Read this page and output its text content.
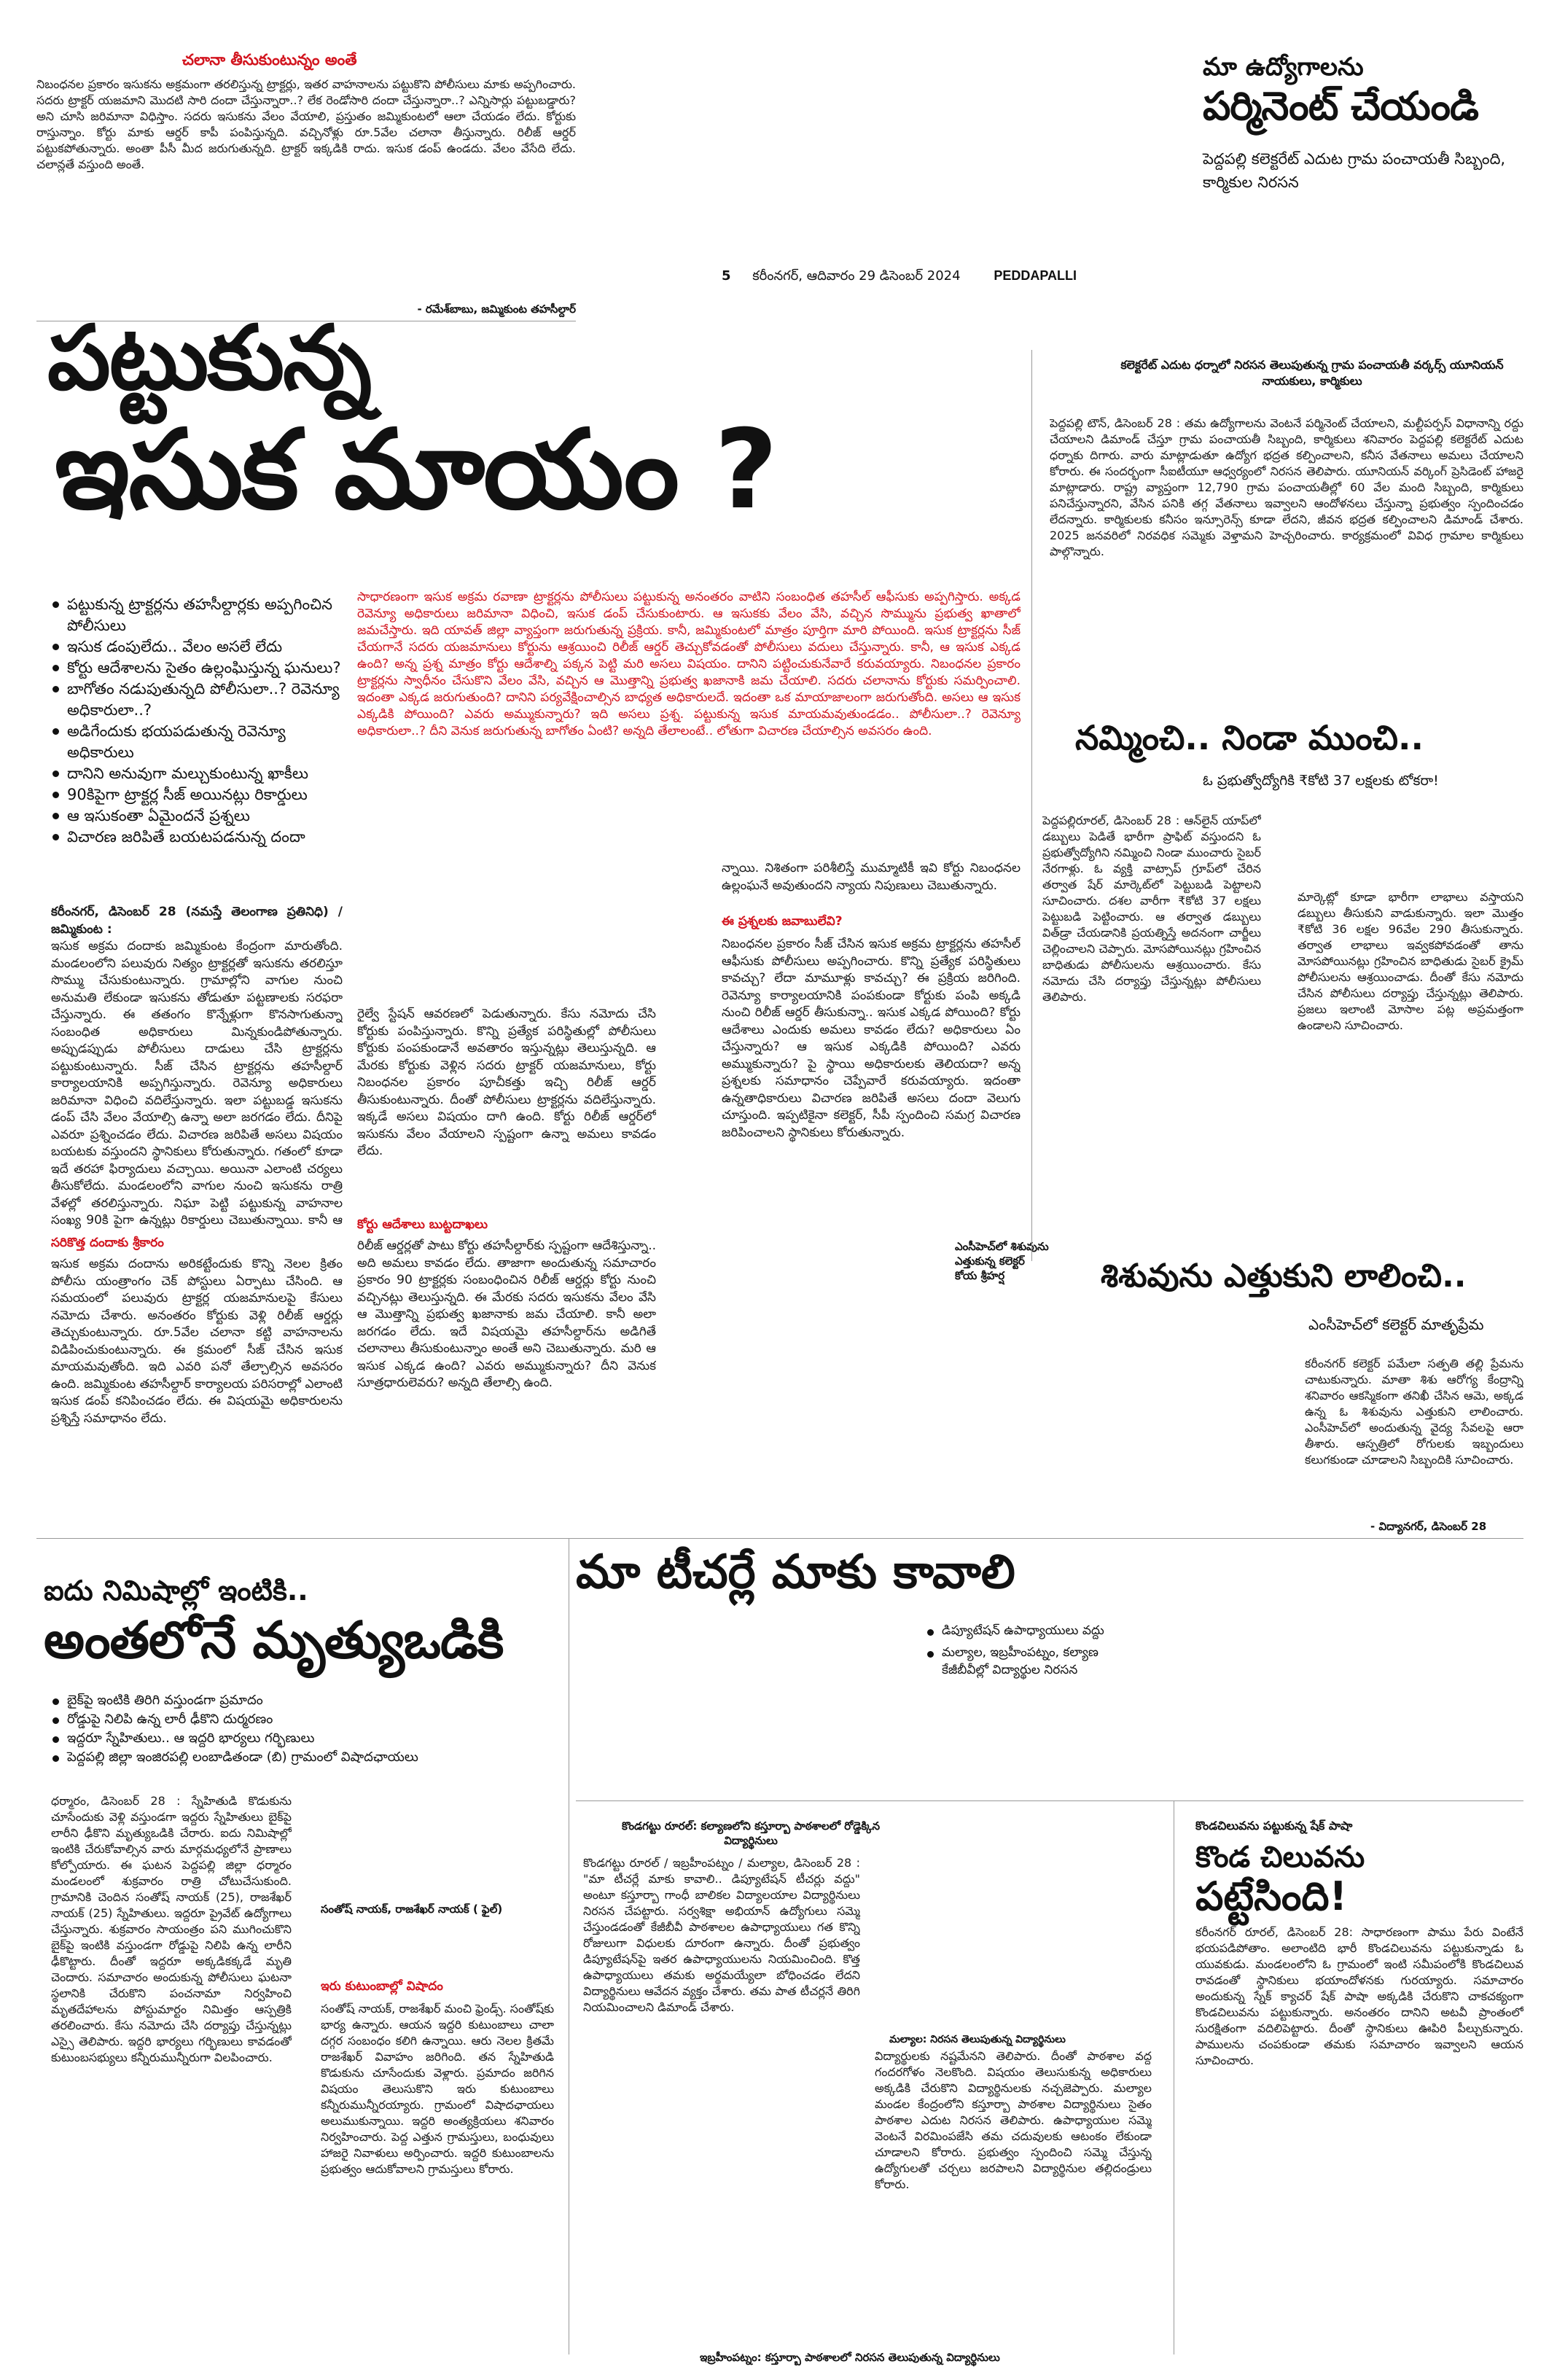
చలానా తీసుకుంటున్నం అంతే
నిబంధనల ప్రకారం ఇసుకను అక్రమంగా తరలిస్తున్న ట్రాక్టర్లు, ఇతర వాహనాలను పట్టుకొని పోలీసులు మాకు అప్పగించారు. సదరు ట్రాక్టర్ యజమాని మొదటి సారి దందా చేస్తున్నారా..? లేక రెండోసారి దందా చేస్తున్నారా..? ఎన్నిసార్లు పట్టుబడ్డారు? అని చూసి జరిమానా విధిస్తాం. సదరు ఇసుకను వేలం వేయాలి, ప్రస్తుతం జమ్మికుంటలో ఆలా చేయడం లేదు. కోర్టుకు రాస్తున్నాం. కోర్టు మాకు ఆర్డర్ కాపీ పంపిస్తున్నది. వచ్చినోళ్లు రూ.5వేల చలానా తీస్తున్నారు. రిలీజ్ ఆర్డర్ పట్టుకపోతున్నారు. అంతా పీసీ మీద జరుగుతున్నది. ట్రాక్టర్ ఇక్కడికి రాదు. ఇసుక డంప్ ఉండదు. వేలం వేసేది లేదు. చలాన్లతే వస్తుంది అంతే.
- రమేశ్‌బాబు, జమ్మికుంట తహసీల్దార్
5 కరీంనగర్, ఆదివారం 29 డిసెంబర్ 2024	PEDDAPALLI
మా ఉద్యోగాలను
పర్మినెంట్ చేయండి
పెద్దపల్లి కలెక్టరేట్ ఎదుట గ్రామ పంచాయతీ సిబ్బంది, కార్మికుల నిరసన
పట్టుకున్న
ఇసుక మాయం ?
పట్టుకున్న ట్రాక్టర్లను తహసీల్దార్లకు అప్పగించిన పోలీసులు
ఇసుక డంపులేదు.. వేలం అసలే లేదు
కోర్టు ఆదేశాలను సైతం ఉల్లంఘిస్తున్న ఘనులు?
బాగోతం నడుపుతున్నది పోలీసులా..? రెవెన్యూ అధికారులా..?
అడిగేందుకు భయపడుతున్న రెవెన్యూ అధికారులు
దానిని అనువుగా మల్చుకుంటున్న ఖాకీలు
90కిపైగా ట్రాక్టర్ల సీజ్ అయినట్లు రికార్డులు
ఆ ఇసుకంతా ఏమైందనే ప్రశ్నలు
విచారణ జరిపితే బయటపడనున్న దందా
సాధారణంగా ఇసుక అక్రమ రవాణా ట్రాక్టర్లను పోలీసులు పట్టుకున్న అనంతరం వాటిని సంబంధిత తహసీల్ ఆఫీసుకు అప్పగిస్తారు. అక్కడ రెవెన్యూ అధికారులు జరిమానా విధించి, ఇసుక డంప్ చేసుకుంటారు. ఆ ఇసుకకు వేలం వేసి, వచ్చిన సొమ్మును ప్రభుత్వ ఖాతాలో జమచేస్తారు. ఇది యావత్ జిల్లా వ్యాప్తంగా జరుగుతున్న ప్రక్రియ. కానీ, జమ్మికుంటలో మాత్రం పూర్తిగా మారి పోయింది. ఇసుక ట్రాక్టర్లను సీజ్ చేయగానే సదరు యజమానులు కోర్టును ఆశ్రయించి రిలీజ్ ఆర్డర్ తెచ్చుకోవడంతో పోలీసులు వదులు చేస్తున్నారు. కానీ, ఆ ఇసుక ఎక్కడ ఉంది? అన్న ప్రశ్న మాత్రం కోర్టు ఆదేశాల్ని పక్కన పెట్టి మరి అసలు విషయం. దానిని పట్టించుకునేవారే కరువయ్యారు. నిబంధనల ప్రకారం ట్రాక్టర్లను స్వాధీనం చేసుకొని వేలం వేసి, వచ్చిన ఆ మొత్తాన్ని ప్రభుత్వ ఖజానాకి జమ చేయాలి. సదరు చలానాను కోర్టుకు సమర్పించాలి. ఇదంతా ఎక్కడ జరుగుతుంది? దానిని పర్యవేక్షించాల్సిన బాధ్యత అధికారులదే. ఇదంతా ఒక మాయాజాలంగా జరుగుతోంది. అసలు ఆ ఇసుక ఎక్కడికి పోయింది? ఎవరు అమ్ముకున్నారు? ఇది అసలు ప్రశ్న. పట్టుకున్న ఇసుక మాయమవుతుండడం.. పోలీసులా..? రెవెన్యూ అధికారులా..? దీని వెనుక జరుగుతున్న బాగోతం ఏంటి? అన్నది తేలాలంటే.. లోతుగా విచారణ చేయాల్సిన అవసరం ఉంది.
కరీంనగర్, డిసెంబర్ 28 (నమస్తే తెలంగాణ ప్రతినిధి) / జమ్మికుంట :
ఇసుక అక్రమ దందాకు జమ్మికుంట కేంద్రంగా మారుతోంది. మండలంలోని పలువురు నిత్యం ట్రాక్టర్లతో ఇసుకను తరలిస్తూ సొమ్ము చేసుకుంటున్నారు. గ్రామాల్లోని వాగుల నుంచి అనుమతి లేకుండా ఇసుకను తోడుతూ పట్టణాలకు సరఫరా చేస్తున్నారు. ఈ తతంగం కొన్నేళ్లుగా కొనసాగుతున్నా సంబంధిత అధికారులు మిన్నకుండిపోతున్నారు. అప్పుడప్పుడు పోలీసులు దాడులు చేసి ట్రాక్టర్లను పట్టుకుంటున్నారు. సీజ్ చేసిన ట్రాక్టర్లను తహసీల్దార్ కార్యాలయానికి అప్పగిస్తున్నారు. రెవెన్యూ అధికారులు జరిమానా విధించి వదిలేస్తున్నారు. ఇలా పట్టుబడ్డ ఇసుకను డంప్ చేసి వేలం వేయాల్సి ఉన్నా అలా జరగడం లేదు. దీనిపై ఎవరూ ప్రశ్నించడం లేదు. విచారణ జరిపితే అసలు విషయం బయటకు వస్తుందని స్థానికులు కోరుతున్నారు. గతంలో కూడా ఇదే తరహా ఫిర్యాదులు వచ్చాయి. అయినా ఎలాంటి చర్యలు తీసుకోలేదు. మండలంలోని వాగుల నుంచి ఇసుకను రాత్రి వేళల్లో తరలిస్తున్నారు. నిఘా పెట్టి పట్టుకున్న వాహనాల సంఖ్య 90కి పైగా ఉన్నట్లు రికార్డులు చెబుతున్నాయి. కానీ ఆ
సరికొత్త దందాకు శ్రీకారం
ఇసుక అక్రమ దందాను అరికట్టేందుకు కొన్ని నెలల క్రితం పోలీసు యంత్రాంగం చెక్ పోస్టులు ఏర్పాటు చేసింది. ఆ సమయంలో పలువురు ట్రాక్టర్ల యజమానులపై కేసులు నమోదు చేశారు. అనంతరం కోర్టుకు వెళ్లి రిలీజ్ ఆర్డర్లు తెచ్చుకుంటున్నారు. రూ.5వేల చలానా కట్టి వాహనాలను విడిపించుకుంటున్నారు. ఈ క్రమంలో సీజ్ చేసిన ఇసుక మాయమవుతోంది. ఇది ఎవరి పనో తేల్చాల్సిన అవసరం ఉంది. జమ్మికుంట తహసీల్దార్ కార్యాలయ పరిసరాల్లో ఎలాంటి ఇసుక డంప్ కనిపించడం లేదు. ఈ విషయమై అధికారులను ప్రశ్నిస్తే సమాధానం లేదు.
రైల్వే స్టేషన్ ఆవరణలో పెడుతున్నారు. కేసు నమోదు చేసి కోర్టుకు పంపిస్తున్నారు. కొన్ని ప్రత్యేక పరిస్థితుల్లో పోలీసులు కోర్టుకు పంపకుండానే అవతారం ఇస్తున్నట్లు తెలుస్తున్నది. ఆ మేరకు కోర్టుకు వెళ్లిన సదరు ట్రాక్టర్ యజమానులు, కోర్టు నిబంధనల ప్రకారం పూచీకత్తు ఇచ్చి రిలీజ్ ఆర్డర్ తీసుకుంటున్నారు. దీంతో పోలీసులు ట్రాక్టర్లను వదిలేస్తున్నారు. ఇక్కడే అసలు విషయం దాగి ఉంది. కోర్టు రిలీజ్ ఆర్డర్‌లో ఇసుకను వేలం వేయాలని స్పష్టంగా ఉన్నా అమలు కావడం లేదు.
కోర్టు ఆదేశాలు బుట్టదాఖలు
రిలీజ్ ఆర్డర్లతో పాటు కోర్టు తహసీల్దార్‌కు స్పష్టంగా ఆదేశిస్తున్నా.. అది అమలు కావడం లేదు. తాజాగా అందుతున్న సమాచారం ప్రకారం 90 ట్రాక్టర్లకు సంబంధించిన రిలీజ్ ఆర్డర్లు కోర్టు నుంచి వచ్చినట్లు తెలుస్తున్నది. ఈ మేరకు సదరు ఇసుకను వేలం వేసి ఆ మొత్తాన్ని ప్రభుత్వ ఖజానాకు జమ చేయాలి. కానీ అలా జరగడం లేదు. ఇదే విషయమై తహసీల్దార్‌ను అడిగితే చలానాలు తీసుకుంటున్నాం అంతే అని చెబుతున్నారు. మరి ఆ ఇసుక ఎక్కడ ఉంది? ఎవరు అమ్ముకున్నారు? దీని వెనుక సూత్రధారులెవరు? అన్నది తేలాల్సి ఉంది.
న్నాయి. నిశితంగా పరిశీలిస్తే ముమ్మాటికీ ఇవి కోర్టు నిబంధనల ఉల్లంఘనే అవుతుందని న్యాయ నిపుణులు చెబుతున్నారు.
ఈ ప్రశ్నలకు జవాబులేవి?
నిబంధనల ప్రకారం సీజ్ చేసిన ఇసుక అక్రమ ట్రాక్టర్లను తహసీల్ ఆఫీసుకు పోలీసులు అప్పగించారు. కొన్ని ప్రత్యేక పరిస్థితులు కావచ్చు? లేదా మామూళ్లు కావచ్చు? ఈ ప్రక్రియ జరిగింది. రెవెన్యూ కార్యాలయానికి పంపకుండా కోర్టుకు పంపి అక్కడి నుంచి రిలీజ్ ఆర్డర్ తీసుకున్నా.. ఇసుక ఎక్కడ పోయింది? కోర్టు ఆదేశాలు ఎందుకు అమలు కావడం లేదు? అధికారులు ఏం చేస్తున్నారు? ఆ ఇసుక ఎక్కడికి పోయింది? ఎవరు అమ్ముకున్నారు? పై స్థాయి అధికారులకు తెలియదా? అన్న ప్రశ్నలకు సమాధానం చెప్పేవారే కరువయ్యారు. ఇదంతా ఉన్నతాధికారులు విచారణ జరిపితే అసలు దందా వెలుగు చూస్తుంది. ఇప్పటికైనా కలెక్టర్, సీపీ స్పందించి సమగ్ర విచారణ జరిపించాలని స్థానికులు కోరుతున్నారు.
కలెక్టరేట్ ఎదుట ధర్నాలో నిరసన తెలుపుతున్న గ్రామ పంచాయతీ వర్కర్స్ యూనియన్ నాయకులు, కార్మికులు
పెద్దపల్లి టౌన్, డిసెంబర్ 28 : తమ ఉద్యోగాలను వెంటనే పర్మినెంట్ చేయాలని, మల్టీపర్పస్ విధానాన్ని రద్దు చేయాలని డిమాండ్ చేస్తూ గ్రామ పంచాయతీ సిబ్బంది, కార్మికులు శనివారం పెద్దపల్లి కలెక్టరేట్ ఎదుట ధర్నాకు దిగారు. వారు మాట్లాడుతూ ఉద్యోగ భద్రత కల్పించాలని, కనీస వేతనాలు అమలు చేయాలని కోరారు. ఈ సందర్భంగా సీఐటీయూ ఆధ్వర్యంలో నిరసన తెలిపారు. యూనియన్ వర్కింగ్ ప్రెసిడెంట్ హాజరై మాట్లాడారు. రాష్ట్ర వ్యాప్తంగా 12,790 గ్రామ పంచాయతీల్లో 60 వేల మంది సిబ్బంది, కార్మికులు పనిచేస్తున్నారని, వేసిన పనికి తగ్గ వేతనాలు ఇవ్వాలని ఆందోళనలు చేస్తున్నా ప్రభుత్వం స్పందించడం లేదన్నారు. కార్మికులకు కనీసం ఇన్సూరెన్స్ కూడా లేదని, జీవన భద్రత కల్పించాలని డిమాండ్ చేశారు. 2025 జనవరిలో నిరవధిక సమ్మెకు వెళ్తామని హెచ్చరించారు. కార్యక్రమంలో వివిధ గ్రామాల కార్మికులు పాల్గొన్నారు.
నమ్మించి.. నిండా ముంచి..
ఓ ప్రభుత్వోద్యోగికి ₹కోటి 37 లక్షలకు టోకరా!
పెద్దపల్లిరూరల్, డిసెంబర్ 28 : ఆన్‌లైన్ యాప్‌లో డబ్బులు పెడితే భారీగా ప్రాఫిట్ వస్తుందని ఓ ప్రభుత్వోద్యోగిని నమ్మించి నిండా ముంచారు సైబర్ నేరగాళ్లు. ఓ వ్యక్తి వాట్సాప్ గ్రూప్‌లో చేరిన తర్వాత షేర్ మార్కెట్‌లో పెట్టుబడి పెట్టాలని సూచించారు. దశల వారీగా ₹కోటి 37 లక్షలు పెట్టుబడి పెట్టించారు. ఆ తర్వాత డబ్బులు విత్‌డ్రా చేయడానికి ప్రయత్నిస్తే అదనంగా చార్జీలు చెల్లించాలని చెప్పారు. మోసపోయినట్లు గ్రహించిన బాధితుడు పోలీసులను ఆశ్రయించారు. కేసు నమోదు చేసి దర్యాప్తు చేస్తున్నట్లు పోలీసులు తెలిపారు.
మార్కెట్లో కూడా భారీగా లాభాలు వస్తాయని డబ్బులు తీసుకుని వాడుకున్నారు. ఇలా మొత్తం ₹కోటి 36 లక్షల 96వేల 290 తీసుకున్నారు. తర్వాత లాభాలు ఇవ్వకపోవడంతో తాను మోసపోయినట్లు గ్రహించిన బాధితుడు సైబర్ క్రైమ్ పోలీసులను ఆశ్రయించాడు. దీంతో కేసు నమోదు చేసిన పోలీసులు దర్యాప్తు చేస్తున్నట్లు తెలిపారు. ప్రజలు ఇలాంటి మోసాల పట్ల అప్రమత్తంగా ఉండాలని సూచించారు.
ఎంసీహెచ్‌లో శిశువును
ఎత్తుకున్న కలెక్టర్
కోయ శ్రీహర్ష	శిశువును ఎత్తుకుని లాలించి..
ఎంసీహెచ్‌లో కలెక్టర్ మాతృప్రేమ
కరీంనగర్ కలెక్టర్ పమేలా సత్పతి తల్లి ప్రేమను చాటుకున్నారు. మాతా శిశు ఆరోగ్య కేంద్రాన్ని శనివారం ఆకస్మికంగా తనిఖీ చేసిన ఆమె, అక్కడ ఉన్న ఓ శిశువును ఎత్తుకుని లాలించారు. ఎంసీహెచ్‌లో అందుతున్న వైద్య సేవలపై ఆరా తీశారు. ఆస్పత్రిలో రోగులకు ఇబ్బందులు కలుగకుండా చూడాలని సిబ్బందికి సూచించారు.
- విద్యానగర్, డిసెంబర్ 28
ఐదు నిమిషాల్లో ఇంటికి..
అంతలోనే మృత్యుఒడికి
బైక్‌పై ఇంటికి తిరిగి వస్తుండగా ప్రమాదం
రోడ్డుపై నిలిపి ఉన్న లారీ ఢీకొని దుర్మరణం
ఇద్దరూ స్నేహితులు.. ఆ ఇద్దరి భార్యలు గర్భిణులు
పెద్దపల్లి జిల్లా ఇంజిరపల్లి లంబాడితండా (బి) గ్రామంలో విషాదఛాయలు
ధర్మారం, డిసెంబర్ 28 : స్నేహితుడి కొడుకును చూసేందుకు వెళ్లి వస్తుండగా ఇద్దరు స్నేహితులు బైక్‌పై లారీని ఢీకొని మృత్యుఒడికి చేరారు. ఐదు నిమిషాల్లో ఇంటికి చేరుకోవాల్సిన వారు మార్గమధ్యలోనే ప్రాణాలు కోల్పోయారు. ఈ ఘటన పెద్దపల్లి జిల్లా ధర్మారం మండలంలో శుక్రవారం రాత్రి చోటుచేసుకుంది. గ్రామానికి చెందిన సంతోష్ నాయక్ (25), రాజశేఖర్ నాయక్ (25) స్నేహితులు. ఇద్దరూ ప్రైవేట్ ఉద్యోగాలు చేస్తున్నారు. శుక్రవారం సాయంత్రం పని ముగించుకొని బైక్‌పై ఇంటికి వస్తుండగా రోడ్డుపై నిలిపి ఉన్న లారీని ఢీకొట్టారు. దీంతో ఇద్దరూ అక్కడికక్కడే మృతి చెందారు. సమాచారం అందుకున్న పోలీసులు ఘటనా స్థలానికి చేరుకొని పంచనామా నిర్వహించి మృతదేహాలను పోస్టుమార్టం నిమిత్తం ఆస్పత్రికి తరలించారు. కేసు నమోదు చేసి దర్యాప్తు చేస్తున్నట్లు ఎస్సై తెలిపారు. ఇద్దరి భార్యలు గర్భిణులు కావడంతో కుటుంబసభ్యులు కన్నీరుమున్నీరుగా విలపించారు.
సంతోష్ నాయక్, రాజశేఖర్ నాయక్ ( ఫైల్)
ఇరు కుటుంబాల్లో విషాదం
సంతోష్ నాయక్, రాజశేఖర్ మంచి ఫ్రెండ్స్. సంతోష్‌కు భార్య ఉన్నారు. ఆయన ఇద్దరి కుటుంబాలు చాలా దగ్గర సంబంధం కలిగి ఉన్నాయి. ఆరు నెలల క్రితమే రాజశేఖర్ వివాహం జరిగింది. తన స్నేహితుడి కొడుకును చూసేందుకు వెళ్లారు. ప్రమాదం జరిగిన విషయం తెలుసుకొని ఇరు కుటుంబాలు కన్నీరుమున్నీరయ్యారు. గ్రామంలో విషాదఛాయలు అలుముకున్నాయి. ఇద్దరి అంత్యక్రియలు శనివారం నిర్వహించారు. పెద్ద ఎత్తున గ్రామస్తులు, బంధువులు హాజరై నివాళులు అర్పించారు. ఇద్దరి కుటుంబాలను ప్రభుత్వం ఆదుకోవాలని గ్రామస్తులు కోరారు.
మా టీచర్లే మాకు కావాలి
డిప్యూటేషన్ ఉపాధ్యాయులు వద్దు
మల్యాల, ఇబ్రహీంపట్నం, కల్యాణ కేజీబీవీల్లో విద్యార్థుల నిరసన
కొండగట్టు రూరల్: కల్యాణలోని కస్తూర్బా పాఠశాలలో రోడ్డెక్కిన విద్యార్థినులు
కొండగట్టు రూరల్ / ఇబ్రహీంపట్నం / మల్యాల, డిసెంబర్ 28 : "మా టీచర్లే మాకు కావాలి.. డిప్యూటేషన్ టీచర్లు వద్దు" అంటూ కస్తూర్బా గాంధీ బాలికల విద్యాలయాల విద్యార్థినులు నిరసన చేపట్టారు. సర్వశిక్షా అభియాన్ ఉద్యోగులు సమ్మె చేస్తుండడంతో కేజీబీవీ పాఠశాలల ఉపాధ్యాయులు గత కొన్ని రోజులుగా విధులకు దూరంగా ఉన్నారు. దీంతో ప్రభుత్వం డిప్యూటేషన్‌పై ఇతర ఉపాధ్యాయులను నియమించింది. కొత్త ఉపాధ్యాయులు తమకు అర్థమయ్యేలా బోధించడం లేదని విద్యార్థినులు ఆవేదన వ్యక్తం చేశారు. తమ పాత టీచర్లనే తిరిగి నియమించాలని డిమాండ్ చేశారు.
మల్యాల: నిరసన తెలుపుతున్న విద్యార్థినులు
విద్యార్థులకు నష్టమేనని తెలిపారు. దీంతో పాఠశాల వద్ద గందరగోళం నెలకొంది. విషయం తెలుసుకున్న అధికారులు అక్కడికి చేరుకొని విద్యార్థినులకు నచ్చజెప్పారు. మల్యాల మండల కేంద్రంలోని కస్తూర్బా పాఠశాల విద్యార్థినులు సైతం పాఠశాల ఎదుట నిరసన తెలిపారు. ఉపాధ్యాయుల సమ్మె వెంటనే విరమింపజేసి తమ చదువులకు ఆటంకం లేకుండా చూడాలని కోరారు. ప్రభుత్వం స్పందించి సమ్మె చేస్తున్న ఉద్యోగులతో చర్చలు జరపాలని విద్యార్థినుల తల్లిదండ్రులు కోరారు.
ఇబ్రహీంపట్నం: కస్తూర్బా పాఠశాలలో నిరసన తెలుపుతున్న విద్యార్థినులు
కొండచిలువను పట్టుకున్న షేక్ పాషా
కొండ చిలువను
పట్టేసింది!
కరీంనగర్ రూరల్, డిసెంబర్ 28: సాధారణంగా పాము పేరు వింటేనే భయపడిపోతాం. అలాంటిది భారీ కొండచిలువను పట్టుకున్నాడు ఓ యువకుడు. మండలంలోని ఓ గ్రామంలో ఇంటి సమీపంలోకి కొండచిలువ రావడంతో స్థానికులు భయాందోళనకు గురయ్యారు. సమాచారం అందుకున్న స్నేక్ క్యాచర్ షేక్ పాషా అక్కడికి చేరుకొని చాకచక్యంగా కొండచిలువను పట్టుకున్నారు. అనంతరం దానిని అటవీ ప్రాంతంలో సురక్షితంగా వదిలిపెట్టారు. దీంతో స్థానికులు ఊపిరి పీల్చుకున్నారు. పాములను చంపకుండా తమకు సమాచారం ఇవ్వాలని ఆయన సూచించారు.
